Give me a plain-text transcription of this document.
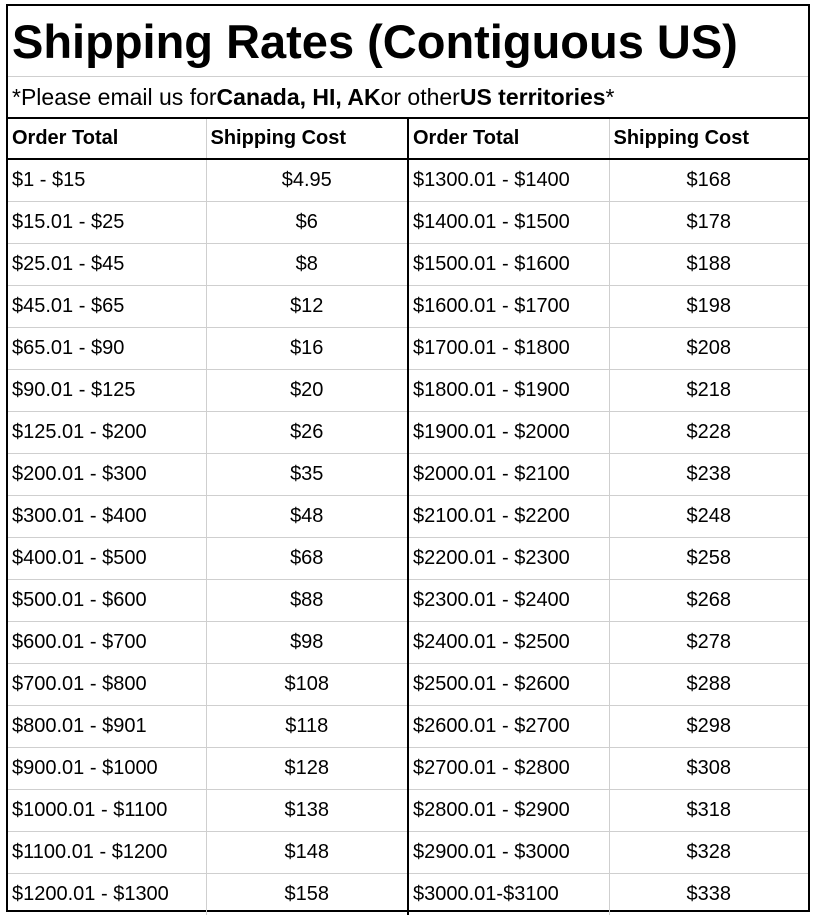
Shipping Rates (Contiguous US)
*Please email us for Canada, HI, AK or other US territories *
Order Total	Shipping Cost	Order Total	Shipping Cost
$1 - $15	$4.95	$1300.01 - $1400	$168
$15.01 - $25	$6	$1400.01 - $1500	$178
$25.01 - $45	$8	$1500.01 - $1600	$188
$45.01 - $65	$12	$1600.01 - $1700	$198
$65.01 - $90	$16	$1700.01 - $1800	$208
$90.01 - $125	$20	$1800.01 - $1900	$218
$125.01 - $200	$26	$1900.01 - $2000	$228
$200.01 - $300	$35	$2000.01 - $2100	$238
$300.01 - $400	$48	$2100.01 - $2200	$248
$400.01 - $500	$68	$2200.01 - $2300	$258
$500.01 - $600	$88	$2300.01 - $2400	$268
$600.01 - $700	$98	$2400.01 - $2500	$278
$700.01 - $800	$108	$2500.01 - $2600	$288
$800.01 - $901	$118	$2600.01 - $2700	$298
$900.01 - $1000	$128	$2700.01 - $2800	$308
$1000.01 - $1100	$138	$2800.01 - $2900	$318
$1100.01 - $1200	$148	$2900.01 - $3000	$328
$1200.01 - $1300	$158	$3000.01-$3100	$338
